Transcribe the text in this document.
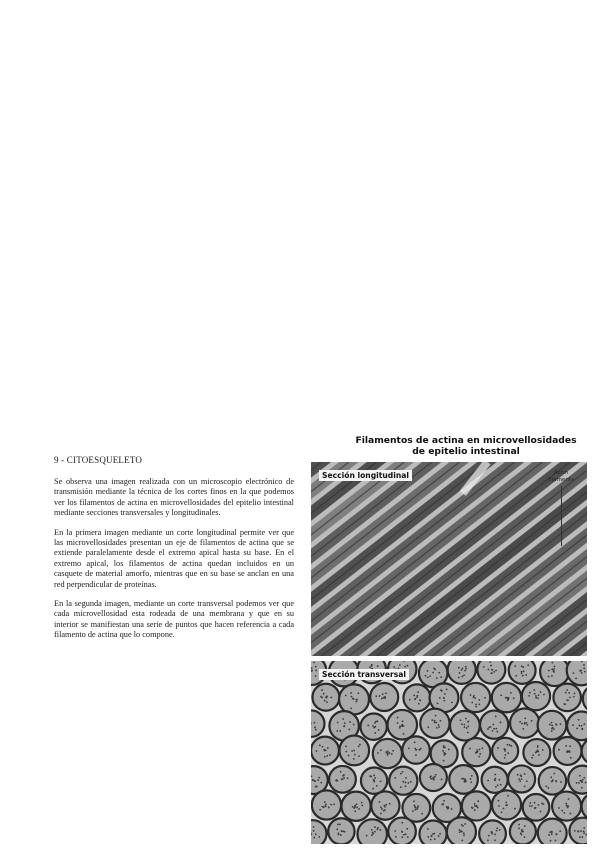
9 - CITOESQUELETO

Se observa una imagen realizada con un microscopio electrónico de transmisión mediante la técnica de los cortes finos en la que podemos ver los filamentos de actina en microvellosidades del epitelio intestinal mediante secciones transversales y longitudinales.

En la primera imagen mediante un corte longitudinal permite ver que las microvellosidades presentan un eje de filamentos de actina que se extiende paralelamente desde el extremo apical hasta su base. En el extremo apical, los filamentos de actina quedan incluidos en un casquete de material amorfo, mientras que en su base se anclan en una red perpendicular de proteínas.

En la segunda imagen, mediante un corte transversal podemos ver que cada microvellosidad esta rodeada de una membrana y que en su interior se manifiestan una serie de puntos que hacen referencia a cada filamento de actina que lo compone.

Filamentos de actina en microvellosidades
de epitelio intestinal
Sección longitudinal	Actin
filaments
Sección transversal
